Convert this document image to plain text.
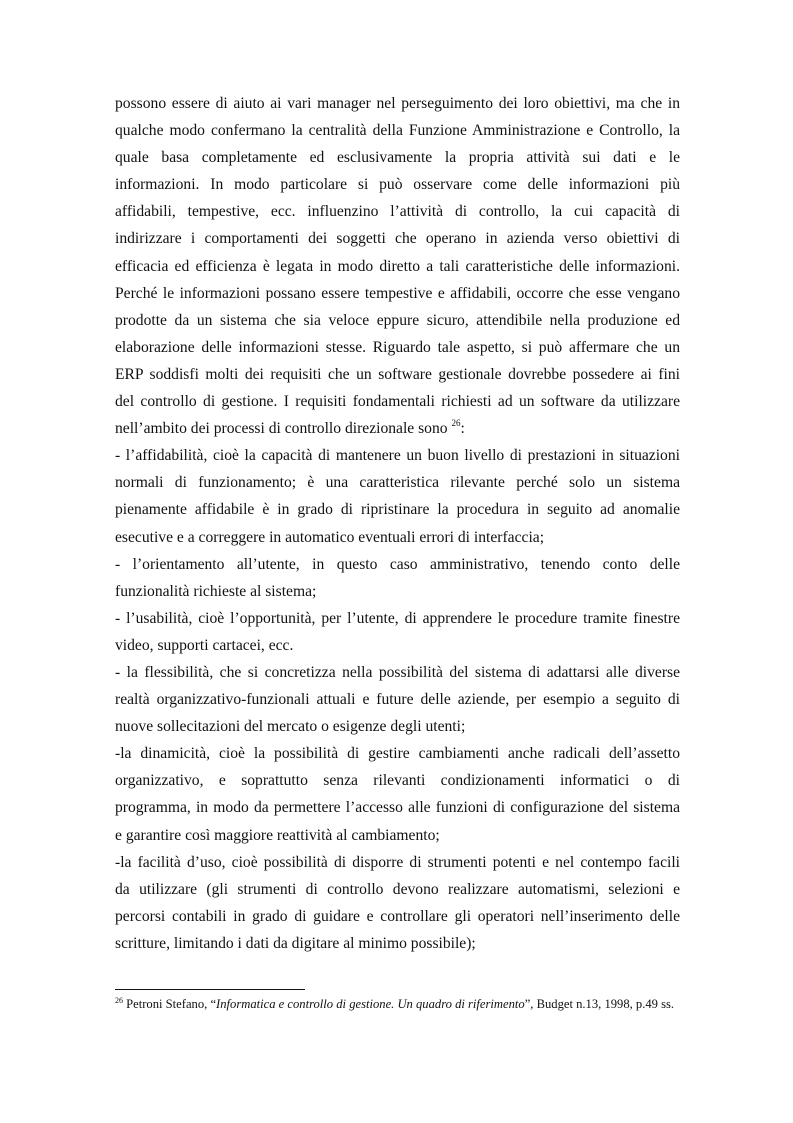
possono essere di aiuto ai vari manager nel perseguimento dei loro obiettivi, ma che in
qualche modo confermano la centralità della Funzione Amministrazione e Controllo, la
quale basa completamente ed esclusivamente la propria attività sui dati e le
informazioni. In modo particolare si può osservare come delle informazioni più
affidabili, tempestive, ecc. influenzino l’attività di controllo, la cui capacità di
indirizzare i comportamenti dei soggetti che operano in azienda verso obiettivi di
efficacia ed efficienza è legata in modo diretto a tali caratteristiche delle informazioni.
Perché le informazioni possano essere tempestive e affidabili, occorre che esse vengano
prodotte da un sistema che sia veloce eppure sicuro, attendibile nella produzione ed
elaborazione delle informazioni stesse. Riguardo tale aspetto, si può affermare che un
ERP soddisfi molti dei requisiti che un software gestionale dovrebbe possedere ai fini
del controllo di gestione. I requisiti fondamentali richiesti ad un software da utilizzare
nell’ambito dei processi di controllo direzionale sono $^{26}$:
- l’affidabilità, cioè la capacità di mantenere un buon livello di prestazioni in situazioni
normali di funzionamento; è una caratteristica rilevante perché solo un sistema
pienamente affidabile è in grado di ripristinare la procedura in seguito ad anomalie
esecutive e a correggere in automatico eventuali errori di interfaccia;
- l’orientamento all’utente, in questo caso amministrativo, tenendo conto delle
funzionalità richieste al sistema;
- l’usabilità, cioè l’opportunità, per l’utente, di apprendere le procedure tramite finestre
video, supporti cartacei, ecc.
- la flessibilità, che si concretizza nella possibilità del sistema di adattarsi alle diverse
realtà organizzativo-funzionali attuali e future delle aziende, per esempio a seguito di
nuove sollecitazioni del mercato o esigenze degli utenti;
-la dinamicità, cioè la possibilità di gestire cambiamenti anche radicali dell’assetto
organizzativo, e soprattutto senza rilevanti condizionamenti informatici o di
programma, in modo da permettere l’accesso alle funzioni di configurazione del sistema
e garantire così maggiore reattività al cambiamento;
-la facilità d’uso, cioè possibilità di disporre di strumenti potenti e nel contempo facili
da utilizzare (gli strumenti di controllo devono realizzare automatismi, selezioni e
percorsi contabili in grado di guidare e controllare gli operatori nell’inserimento delle
scritture, limitando i dati da digitare al minimo possibile);
$^{26}$ Petroni Stefano, “Informatica e controllo di gestione. Un quadro di riferimento”, Budget n.13, 1998, p.49 ss.
